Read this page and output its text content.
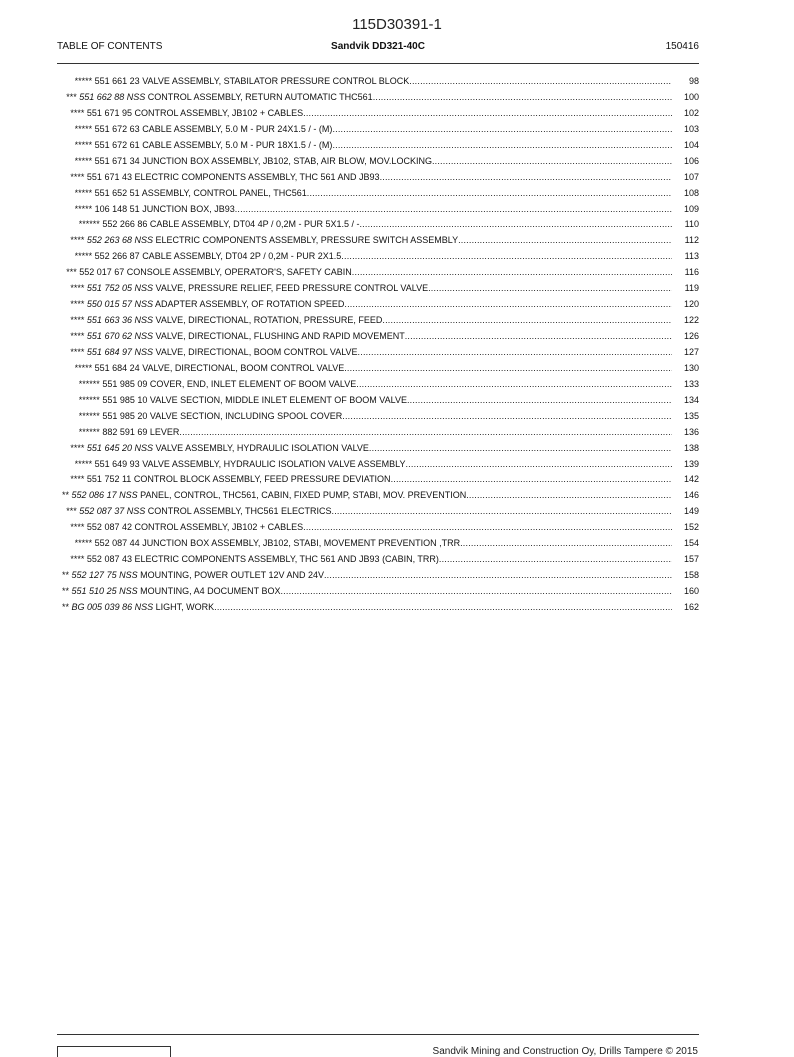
115D30391-1
TABLE OF CONTENTS	Sandvik DD321-40C	150416
***** 551 661 23 VALVE ASSEMBLY, STABILATOR PRESSURE CONTROL BLOCK .....	98
*** 551 662 88 NSS CONTROL ASSEMBLY, RETURN AUTOMATIC THC561 .....	100
**** 551 671 95 CONTROL ASSEMBLY, JB102 + CABLES .....	102
***** 551 672 63 CABLE ASSEMBLY, 5.0 M - PUR 24X1.5 / - (M) .....	103
***** 551 672 61 CABLE ASSEMBLY, 5.0 M - PUR 18X1.5 / - (M) .....	104
***** 551 671 34 JUNCTION BOX ASSEMBLY, JB102, STAB, AIR BLOW, MOV.LOCKING .....	106
**** 551 671 43 ELECTRIC COMPONENTS ASSEMBLY, THC 561 AND JB93 .....	107
***** 551 652 51 ASSEMBLY, CONTROL PANEL, THC561 .....	108
***** 106 148 51 JUNCTION BOX, JB93 .....	109
****** 552 266 86 CABLE ASSEMBLY, DT04 4P / 0,2M - PUR 5X1.5 / - .....	110
**** 552 263 68 NSS ELECTRIC COMPONENTS ASSEMBLY, PRESSURE SWITCH ASSEMBLY .....	112
***** 552 266 87 CABLE ASSEMBLY, DT04 2P / 0,2M - PUR 2X1.5 .....	113
*** 552 017 67 CONSOLE ASSEMBLY, OPERATOR'S, SAFETY CABIN .....	116
**** 551 752 05 NSS VALVE, PRESSURE RELIEF, FEED PRESSURE CONTROL VALVE .....	119
**** 550 015 57 NSS ADAPTER ASSEMBLY, OF ROTATION SPEED .....	120
**** 551 663 36 NSS VALVE, DIRECTIONAL, ROTATION, PRESSURE, FEED .....	122
**** 551 670 62 NSS VALVE, DIRECTIONAL, FLUSHING AND RAPID MOVEMENT .....	126
**** 551 684 97 NSS VALVE, DIRECTIONAL, BOOM CONTROL VALVE .....	127
***** 551 684 24 VALVE, DIRECTIONAL, BOOM CONTROL VALVE .....	130
****** 551 985 09 COVER, END, INLET ELEMENT OF BOOM VALVE .....	133
****** 551 985 10 VALVE SECTION, MIDDLE INLET ELEMENT OF BOOM VALVE .....	134
****** 551 985 20 VALVE SECTION, INCLUDING SPOOL COVER .....	135
****** 882 591 69 LEVER .....	136
**** 551 645 20 NSS VALVE ASSEMBLY, HYDRAULIC ISOLATION VALVE .....	138
***** 551 649 93 VALVE ASSEMBLY, HYDRAULIC ISOLATION VALVE ASSEMBLY .....	139
**** 551 752 11 CONTROL BLOCK ASSEMBLY, FEED PRESSURE DEVIATION .....	142
** 552 086 17 NSS PANEL, CONTROL, THC561, CABIN, FIXED PUMP, STABI, MOV. PREVENTION .....	146
*** 552 087 37 NSS CONTROL ASSEMBLY, THC561 ELECTRICS .....	149
**** 552 087 42 CONTROL ASSEMBLY, JB102 + CABLES .....	152
***** 552 087 44 JUNCTION BOX ASSEMBLY, JB102, STABI, MOVEMENT PREVENTION ,TRR .....	154
**** 552 087 43 ELECTRIC COMPONENTS ASSEMBLY, THC 561 AND JB93 (CABIN, TRR) .....	157
** 552 127 75 NSS MOUNTING, POWER OUTLET 12V AND 24V .....	158
** 551 510 25 NSS MOUNTING, A4 DOCUMENT BOX .....	160
** BG 005 039 86 NSS LIGHT, WORK .....	162
Sandvik Mining and Construction Oy, Drills Tampere © 2015
